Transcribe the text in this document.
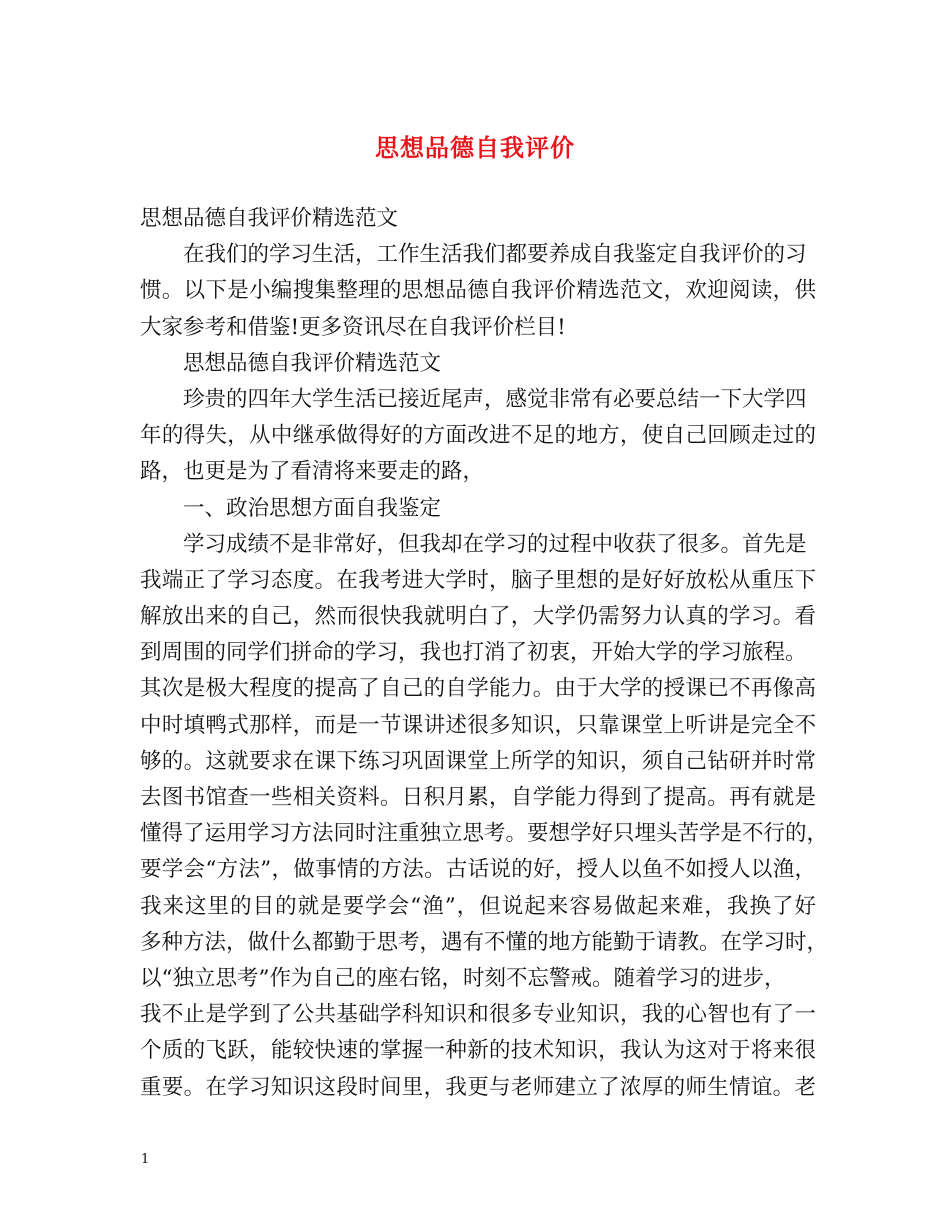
思想品德自我评价
思想品德自我评价精选范文
在我们的学习生活，工作生活我们都要养成自我鉴定自我评价的习
惯。以下是小编搜集整理的思想品德自我评价精选范文，欢迎阅读，供
大家参考和借鉴!更多资讯尽在自我评价栏目!
思想品德自我评价精选范文
珍贵的四年大学生活已接近尾声，感觉非常有必要总结一下大学四
年的得失，从中继承做得好的方面改进不足的地方，使自己回顾走过的
路，也更是为了看清将来要走的路，
一、政治思想方面自我鉴定
学习成绩不是非常好，但我却在学习的过程中收获了很多。首先是
我端正了学习态度。在我考进大学时，脑子里想的是好好放松从重压下
解放出来的自己，然而很快我就明白了，大学仍需努力认真的学习。看
到周围的同学们拼命的学习，我也打消了初衷，开始大学的学习旅程。
其次是极大程度的提高了自己的自学能力。由于大学的授课已不再像高
中时填鸭式那样，而是一节课讲述很多知识，只靠课堂上听讲是完全不
够的。这就要求在课下练习巩固课堂上所学的知识，须自己钻研并时常
去图书馆查一些相关资料。日积月累，自学能力得到了提高。再有就是
懂得了运用学习方法同时注重独立思考。要想学好只埋头苦学是不行的，
要学会“方法”，做事情的方法。古话说的好，授人以鱼不如授人以渔，
我来这里的目的就是要学会“渔”，但说起来容易做起来难，我换了好
多种方法，做什么都勤于思考，遇有不懂的地方能勤于请教。在学习时，
以“独立思考”作为自己的座右铭，时刻不忘警戒。随着学习的进步，
我不止是学到了公共基础学科知识和很多专业知识，我的心智也有了一
个质的飞跃，能较快速的掌握一种新的技术知识，我认为这对于将来很
重要。在学习知识这段时间里，我更与老师建立了浓厚的师生情谊。老
1
